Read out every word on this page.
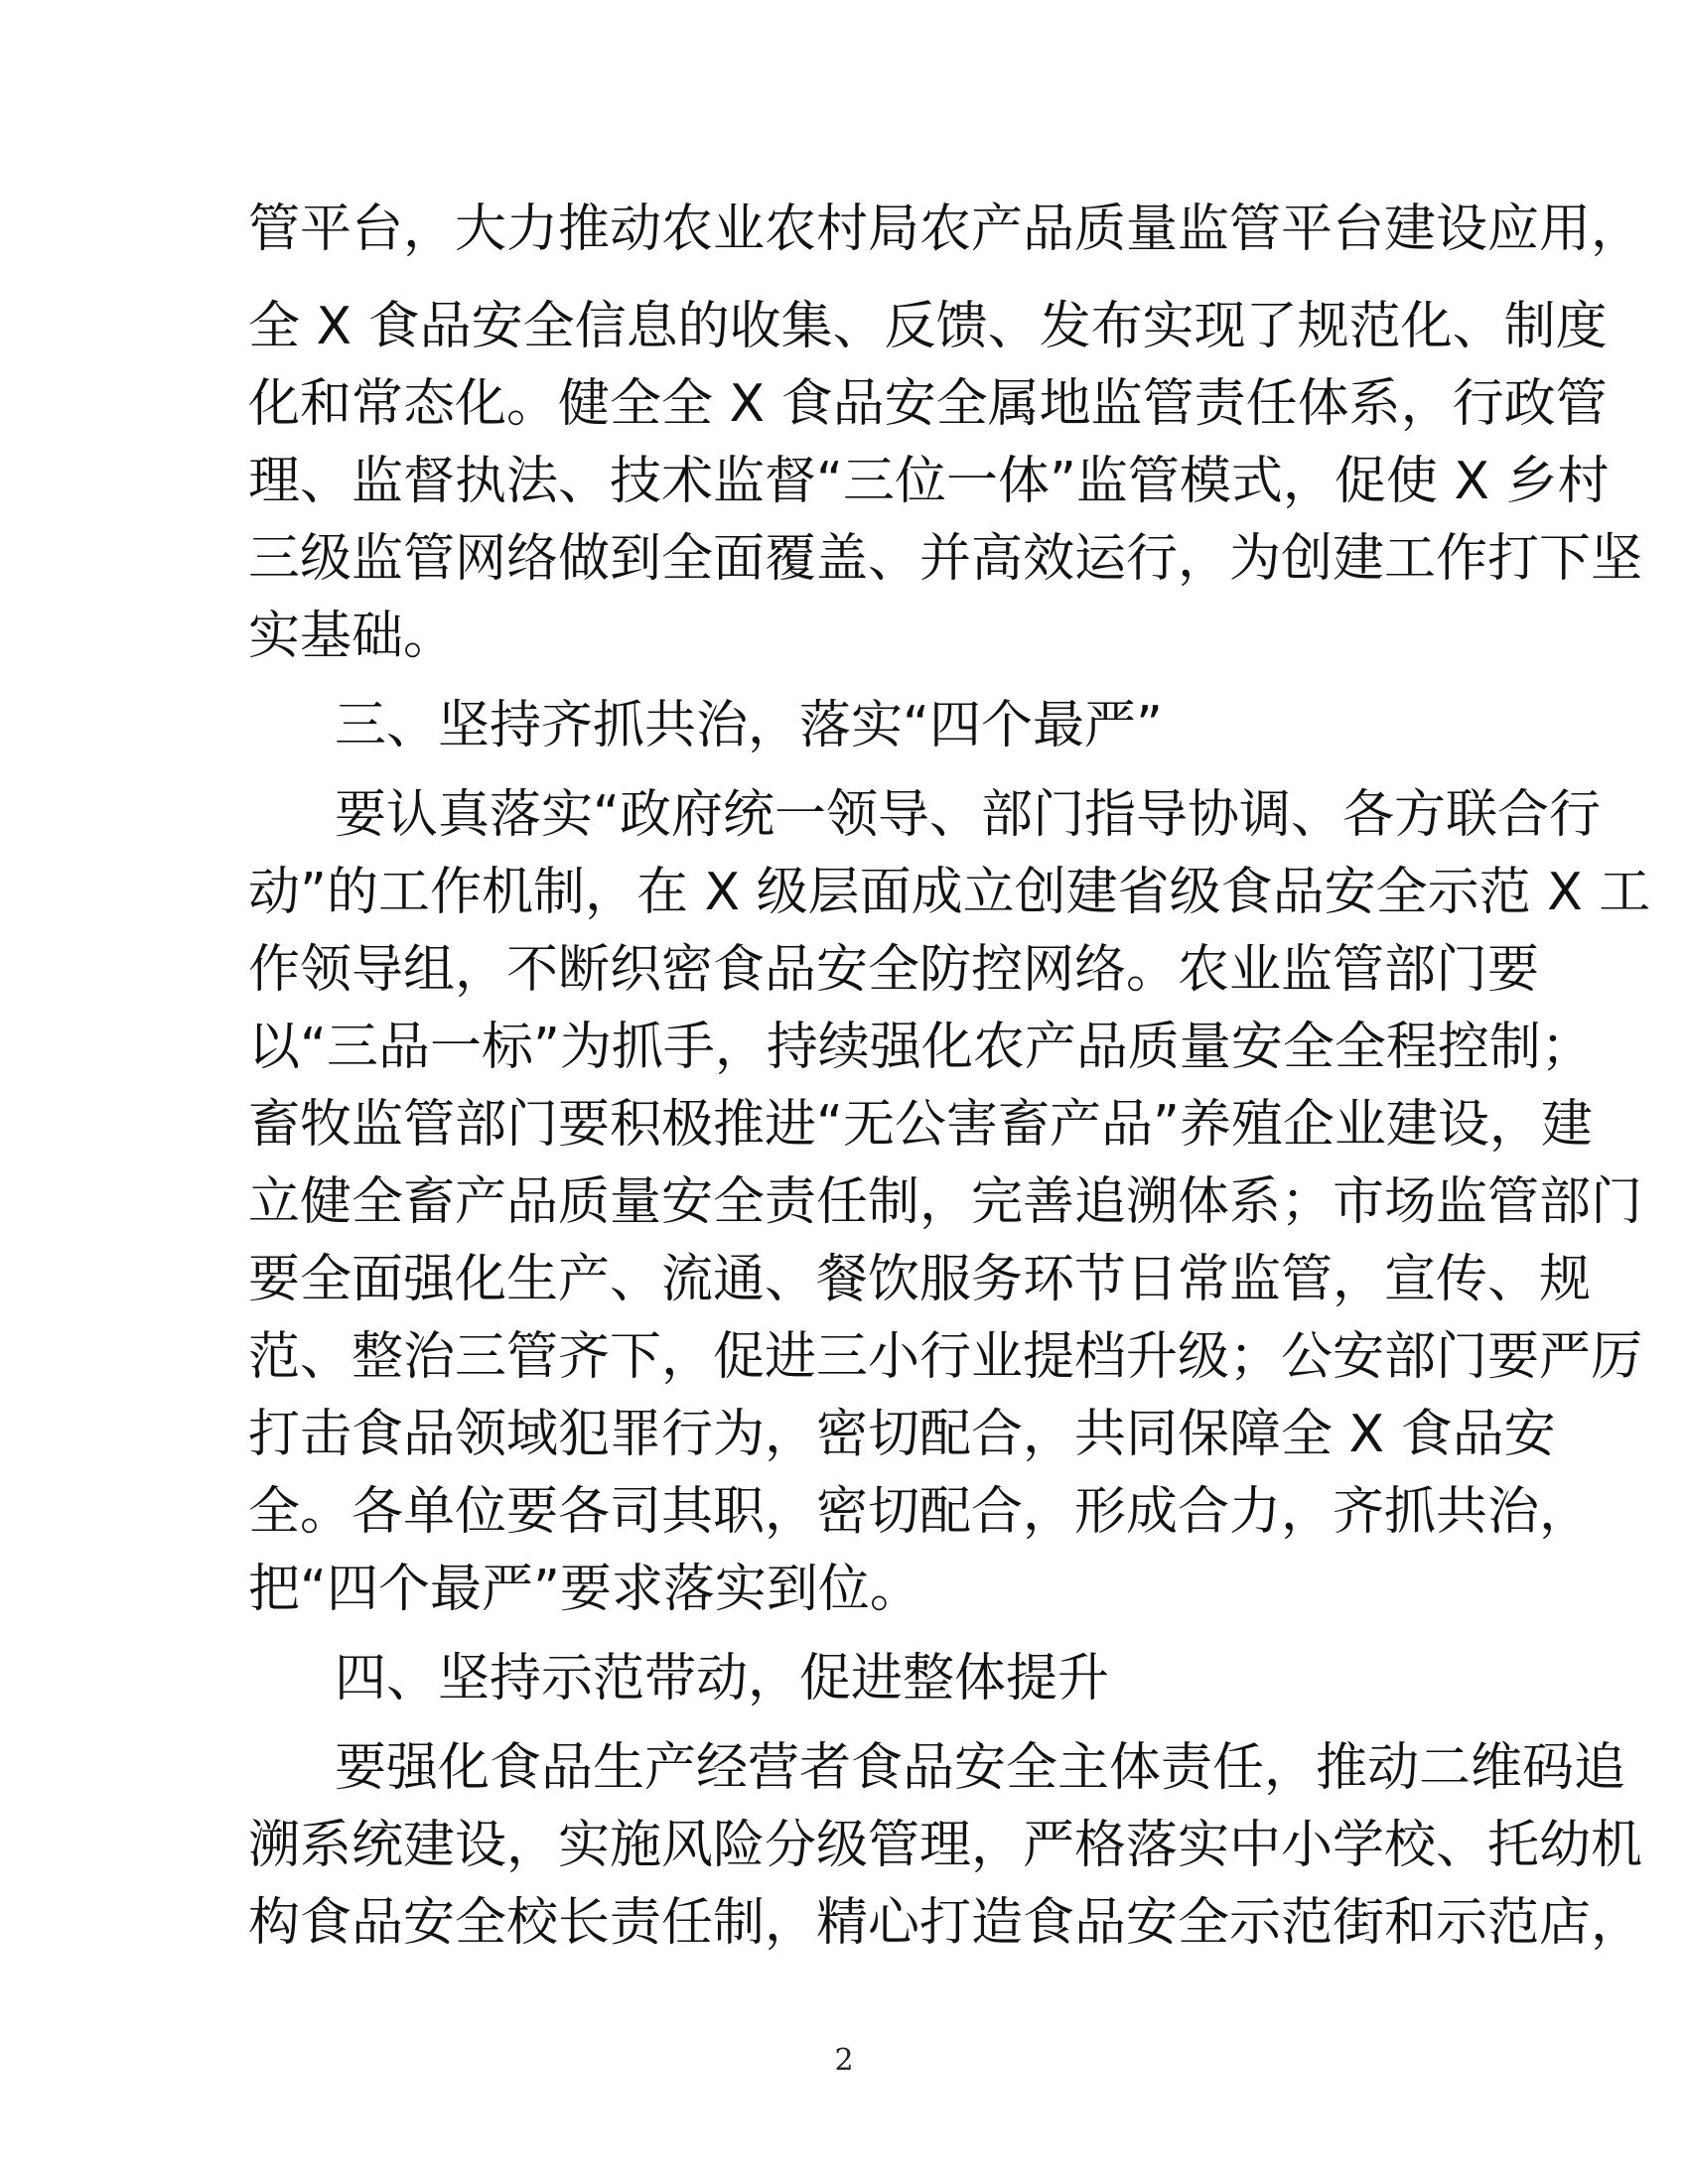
管平台，大力推动农业农村局农产品质量监管平台建设应用，
全 X 食品安全信息的收集、反馈、发布实现了规范化、制度
化和常态化。健全全 X 食品安全属地监管责任体系，行政管
理、监督执法、技术监督“三位一体”监管模式，促使 X 乡村
三级监管网络做到全面覆盖、并高效运行，为创建工作打下坚
实基础。
三、坚持齐抓共治，落实“四个最严”
要认真落实“政府统一领导、部门指导协调、各方联合行
动”的工作机制，在 X 级层面成立创建省级食品安全示范 X 工
作领导组，不断织密食品安全防控网络。农业监管部门要
以“三品一标”为抓手，持续强化农产品质量安全全程控制；
畜牧监管部门要积极推进“无公害畜产品”养殖企业建设，建
立健全畜产品质量安全责任制，完善追溯体系；市场监管部门
要全面强化生产、流通、餐饮服务环节日常监管，宣传、规
范、整治三管齐下，促进三小行业提档升级；公安部门要严厉
打击食品领域犯罪行为，密切配合，共同保障全 X 食品安
全。各单位要各司其职，密切配合，形成合力，齐抓共治，
把“四个最严”要求落实到位。
四、坚持示范带动，促进整体提升
要强化食品生产经营者食品安全主体责任，推动二维码追
溯系统建设，实施风险分级管理，严格落实中小学校、托幼机
构食品安全校长责任制，精心打造食品安全示范街和示范店，
2
